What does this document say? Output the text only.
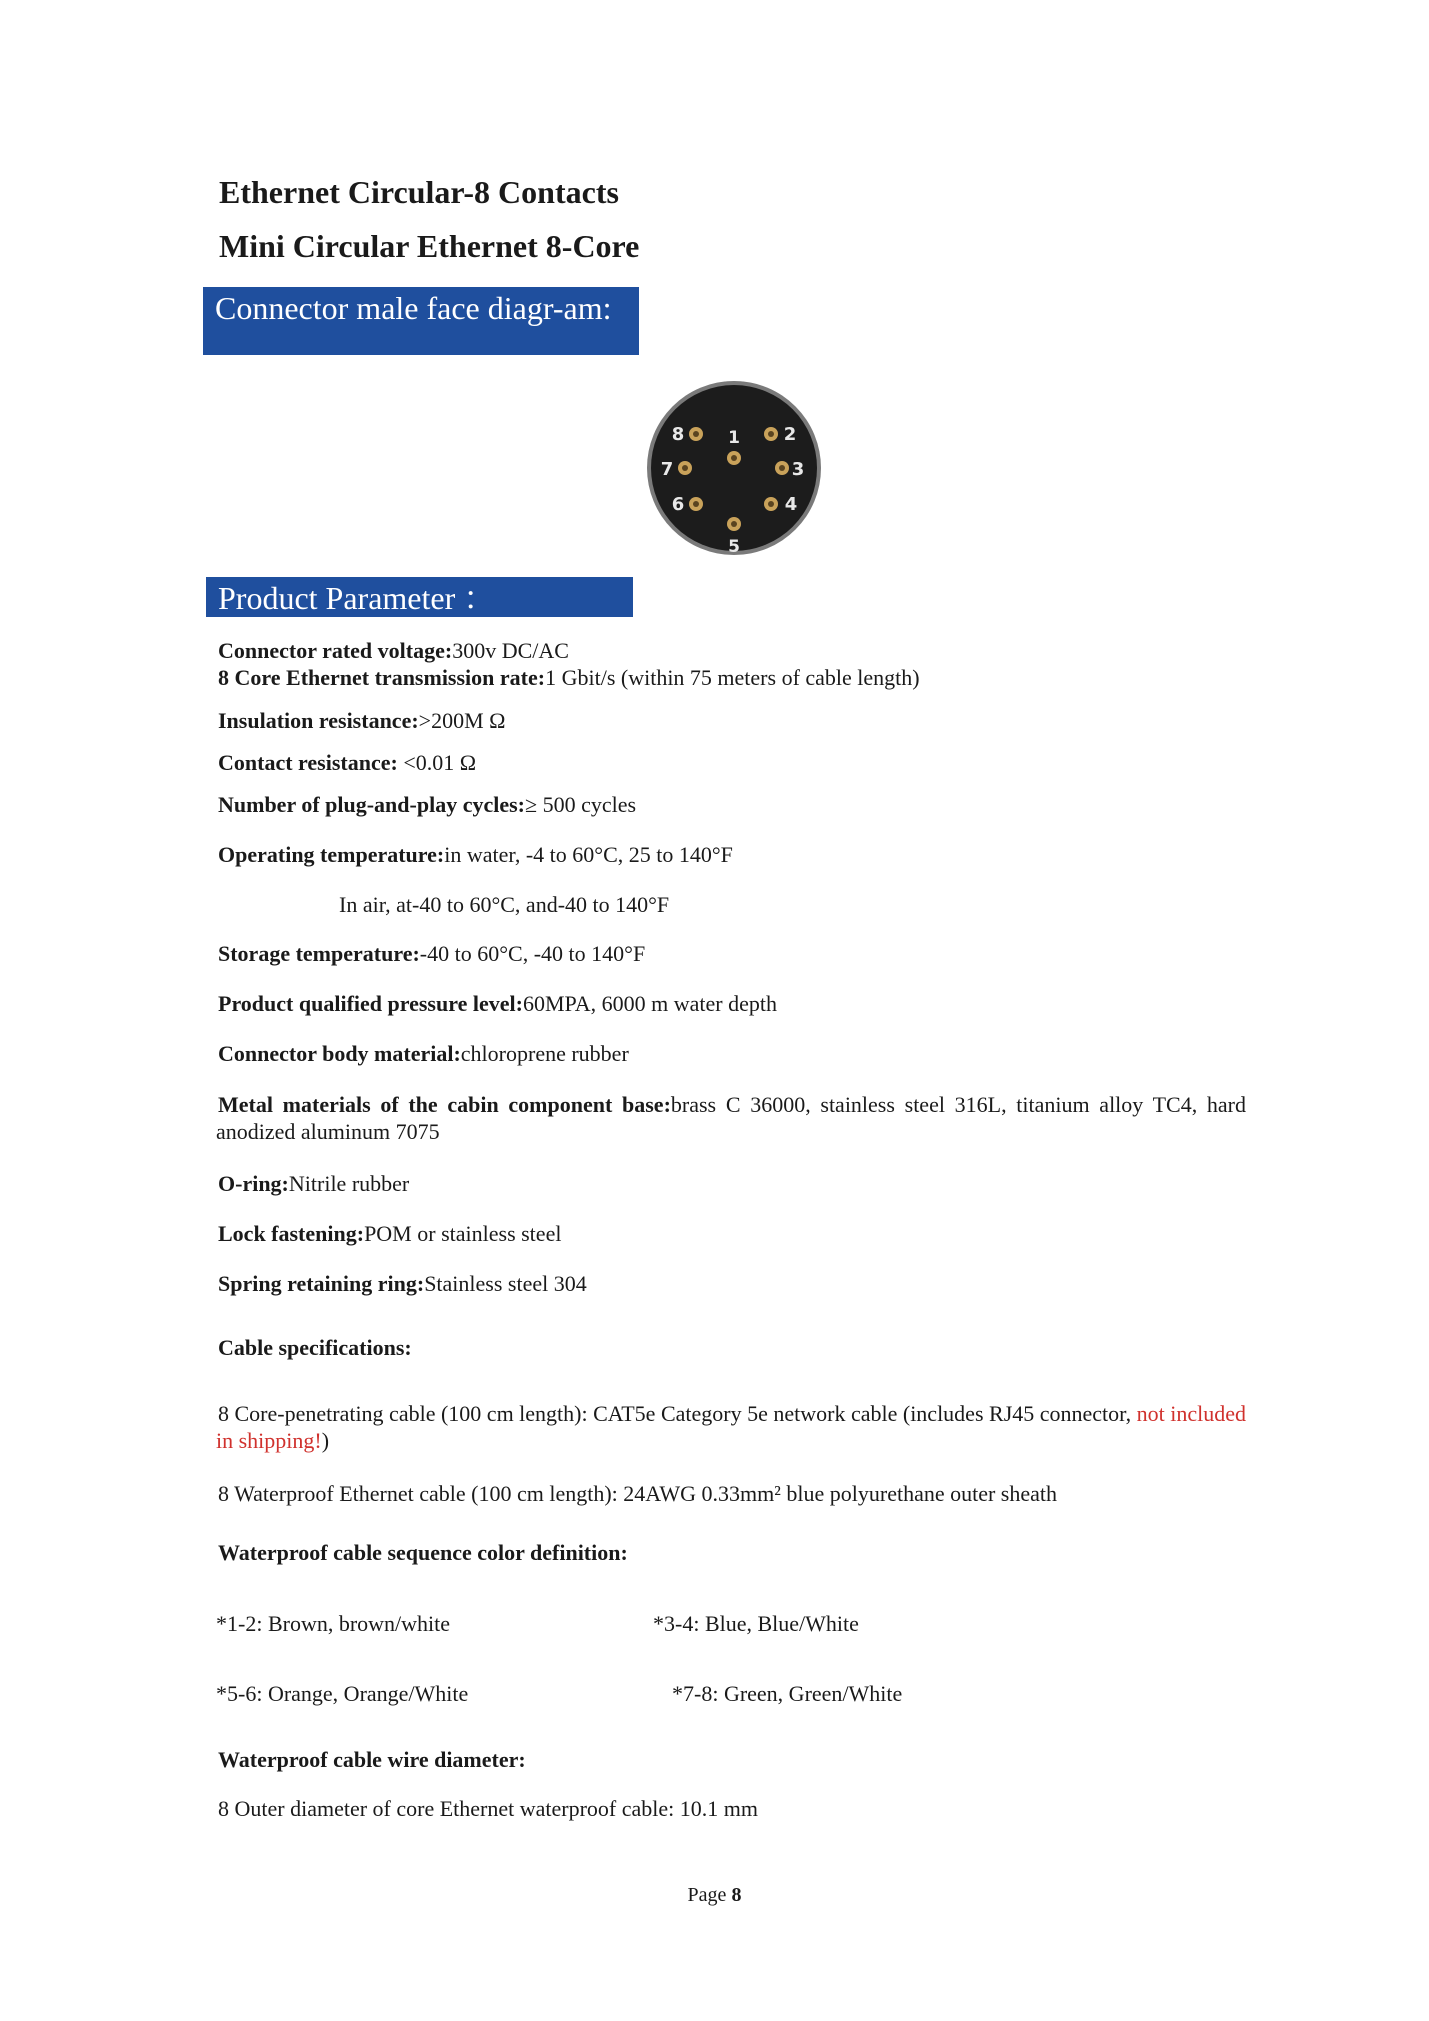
Ethernet Circular-8 Contacts
Mini Circular Ethernet 8-Core
Connector male face diagr-am:
1 2
3
4
5
6
7
8
Product Parameter ：
Connector rated voltage:300v DC/AC
8 Core Ethernet transmission rate:1 Gbit/s (within 75 meters of cable length)
Insulation resistance:>200M Ω
Contact resistance: <0.01 Ω
Number of plug-and-play cycles:≥ 500 cycles
Operating temperature:in water, -4 to 60°C, 25 to 140°F
In air, at-40 to 60°C, and-40 to 140°F
Storage temperature:-40 to 60°C, -40 to 140°F
Product qualified pressure level:60MPA, 6000 m water depth
Connector body material:chloroprene rubber
Metal materials of the cabin component base:brass C 36000, stainless steel 316L, titanium alloy TC4, hard anodized aluminum 7075
O-ring:Nitrile rubber
Lock fastening:POM or stainless steel
Spring retaining ring:Stainless steel 304
Cable specifications:
8 Core-penetrating cable (100 cm length): CAT5e Category 5e network cable (includes RJ45 connector, not included in shipping!)
8 Waterproof Ethernet cable (100 cm length): 24AWG 0.33mm² blue polyurethane outer sheath
Waterproof cable sequence color definition:
*1-2: Brown, brown/white	*3-4: Blue, Blue/White
*5-6: Orange, Orange/White	*7-8: Green, Green/White
Waterproof cable wire diameter:
8 Outer diameter of core Ethernet waterproof cable: 10.1 mm
Page 8
